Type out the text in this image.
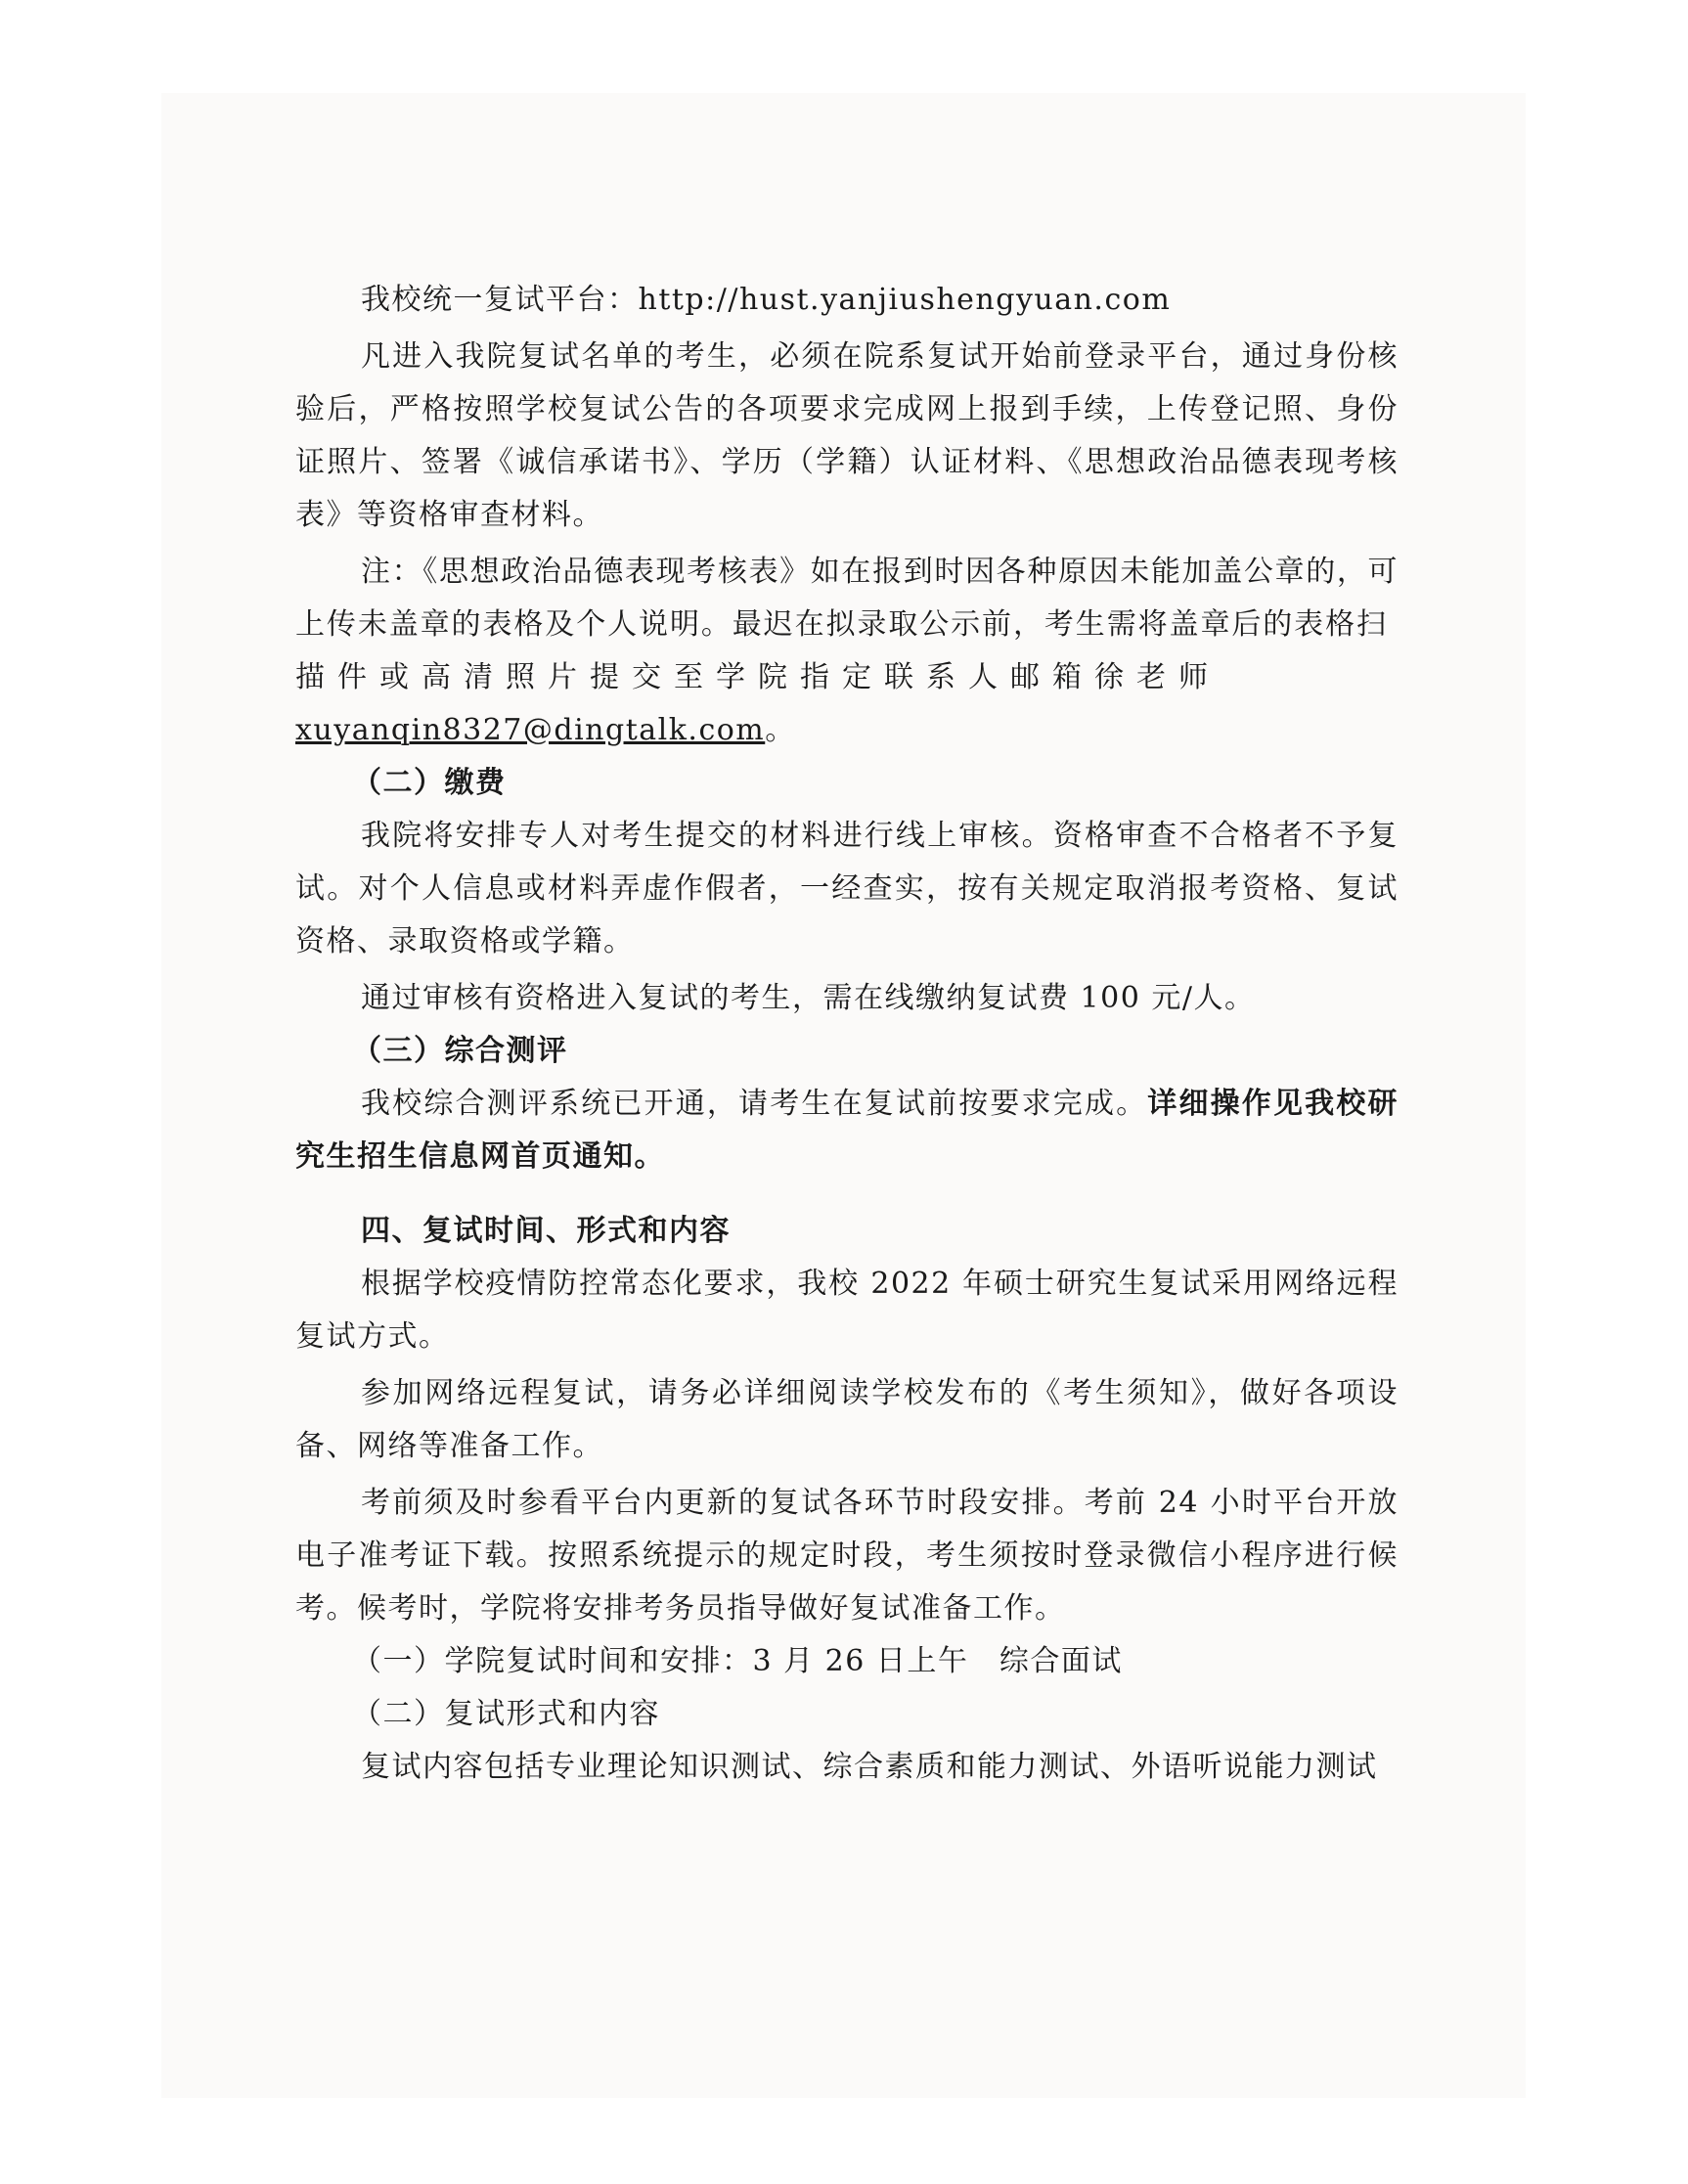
我校统一复试平台：http://hust.yanjiushengyuan.com

凡进入我院复试名单的考生，必须在院系复试开始前登录平台，通过身份核验后，严格按照学校复试公告的各项要求完成网上报到手续，上传登记照、身份证照片、签署《诚信承诺书》、学历（学籍）认证材料、《思想政治品德表现考核表》等资格审查材料。

注：《思想政治品德表现考核表》如在报到时因各种原因未能加盖公章的，可上传未盖章的表格及个人说明。最迟在拟录取公示前，考生需将盖章后的表格扫描件或高清照片提交至学院指定联系人邮箱徐老师
xuyanqin8327@dingtalk.com。

（二）缴费

我院将安排专人对考生提交的材料进行线上审核。资格审查不合格者不予复试。对个人信息或材料弄虚作假者，一经查实，按有关规定取消报考资格、复试资格、录取资格或学籍。

通过审核有资格进入复试的考生，需在线缴纳复试费 100 元/人。

（三）综合测评

我校综合测评系统已开通，请考生在复试前按要求完成。详细操作见我校研究生招生信息网首页通知。

四、复试时间、形式和内容

根据学校疫情防控常态化要求，我校 2022 年硕士研究生复试采用网络远程复试方式。

参加网络远程复试，请务必详细阅读学校发布的《考生须知》，做好各项设备、网络等准备工作。

考前须及时参看平台内更新的复试各环节时段安排。考前 24 小时平台开放电子准考证下载。按照系统提示的规定时段，考生须按时登录微信小程序进行候考。候考时，学院将安排考务员指导做好复试准备工作。

（一）学院复试时间和安排：3 月 26 日上午　综合面试

（二）复试形式和内容

复试内容包括专业理论知识测试、综合素质和能力测试、外语听说能力测试
